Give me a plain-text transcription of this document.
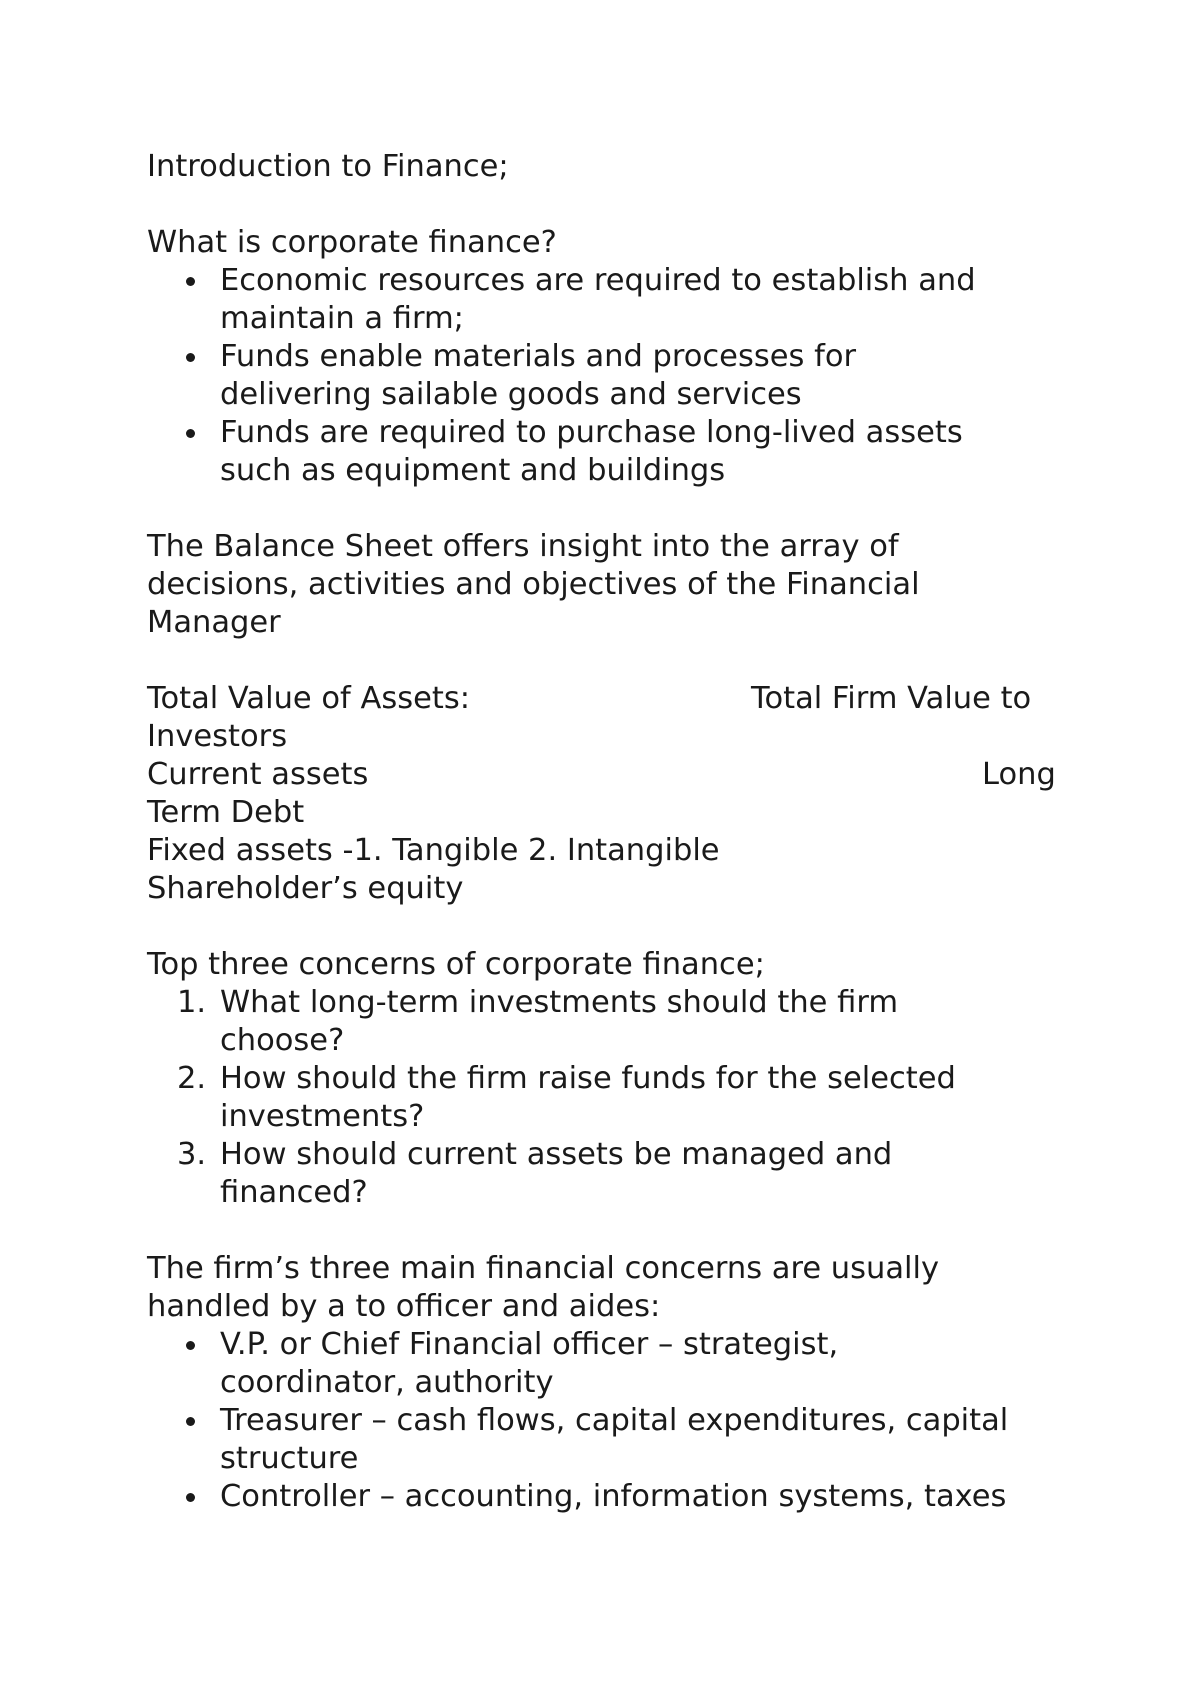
Introduction to Finance;
What is corporate finance?
Economic resources are required to establish and
maintain a firm;
Funds enable materials and processes for
delivering sailable goods and services
Funds are required to purchase long-lived assets
such as equipment and buildings
The Balance Sheet offers insight into the array of
decisions, activities and objectives of the Financial
Manager
Total Value of Assets:	Total Firm Value to
Investors
Current assets	Long
Term Debt
Fixed assets -1. Tangible 2. Intangible
Shareholder’s equity
Top three concerns of corporate finance;
1. What long-term investments should the firm
choose?
2. How should the firm raise funds for the selected
investments?
3. How should current assets be managed and
financed?
The firm’s three main financial concerns are usually
handled by a to officer and aides:
V.P. or Chief Financial officer – strategist,
coordinator, authority
Treasurer – cash flows, capital expenditures, capital
structure
Controller – accounting, information systems, taxes
